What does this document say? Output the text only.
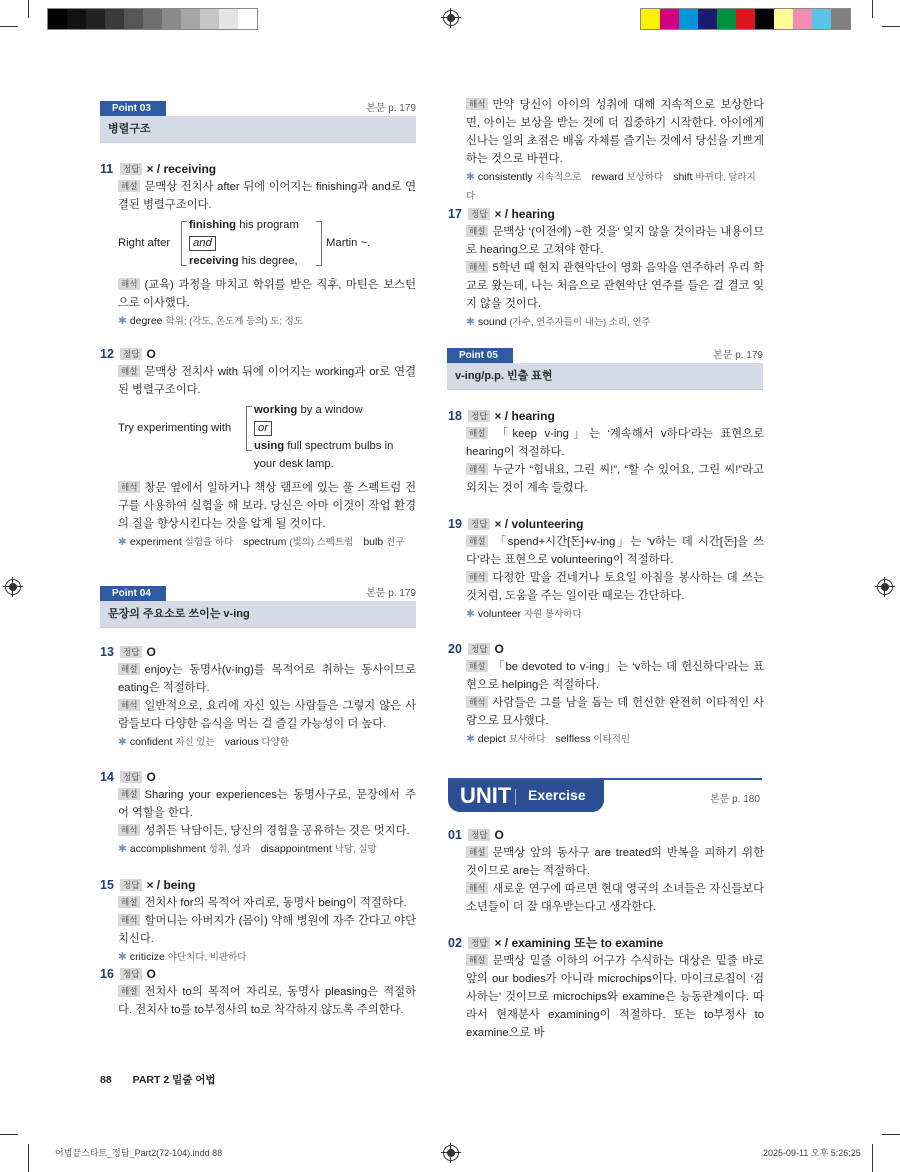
Point 03	본문 p. 179
병렬구조
Point 04	본문 p. 179
문장의 주요소로 쓰이는 v-ing
Point 05	본문 p. 179
v-ing/p.p. 빈출 표현
UNIT Exercise	본문 p. 180
11 정답 × / receiving
해설 문맥상 전치사 after 뒤에 이어지는 finishing과 and로 연결된 병렬구조이다.
Right after
finishing his program
and
receiving his degree,
Martin ~.
해석 (교육) 과정을 마치고 학위를 받은 직후, 마틴은 보스턴으로 이사했다.
✱ degree 학위; (각도, 온도계 등의) 도; 정도
12 정답 O
해설 문맥상 전치사 with 뒤에 이어지는 working과 or로 연결된 병렬구조이다.
Try experimenting with
working by a window
or
using full spectrum bulbs in
your desk lamp.
해석 창문 옆에서 일하거나 책상 램프에 있는 풀 스펙트럼 전구를 사용하여 실험을 해 보라. 당신은 아마 이것이 작업 환경의 질을 향상시킨다는 것을 알게 될 것이다.
✱ experiment 실험을 하다 spectrum (빛의) 스펙트럼 bulb 전구
13 정답 O
해설 enjoy는 동명사(v-ing)를 목적어로 취하는 동사이므로 eating은 적절하다.
해석 일반적으로, 요리에 자신 있는 사람들은 그렇지 않은 사람들보다 다양한 음식을 먹는 걸 즐길 가능성이 더 높다.
✱ confident 자신 있는 various 다양한
14 정답 O
해설 Sharing your experiences는 동명사구로, 문장에서 주어 역할을 한다.
해석 성취든 낙담이든, 당신의 경험을 공유하는 것은 멋지다.
✱ accomplishment 성취, 성과 disappointment 낙담, 실망
15 정답 × / being
해설 전치사 for의 목적어 자리로, 동명사 being이 적절하다.
해석 할머니는 아버지가 (몸이) 약해 병원에 자주 간다고 야단치신다.
✱ criticize 야단치다, 비판하다
16 정답 O
해설 전치사 to의 목적어 자리로, 동명사 pleasing은 적절하다. 전치사 to를 to부정사의 to로 착각하지 않도록 주의한다.
해석 만약 당신이 아이의 성취에 대해 지속적으로 보상한다면, 아이는 보상을 받는 것에 더 집중하기 시작한다. 아이에게 신나는 일의 초점은 배움 자체를 즐기는 것에서 당신을 기쁘게 하는 것으로 바뀐다.
✱ consistently 지속적으로 reward 보상하다 shift 바뀌다, 달라지다
17 정답 × / hearing
해설 문맥상 ‘(이전에) ~한 것을’ 잊지 않을 것이라는 내용이므로 hearing으로 고쳐야 한다.
해석 5학년 때 현지 관현악단이 영화 음악을 연주하러 우리 학교로 왔는데, 나는 처음으로 관현악단 연주를 들은 걸 결코 잊지 않을 것이다.
✱ sound (가수, 연주자들이 내는) 소리, 연주
18 정답 × / hearing
해설 「keep v-ing」는 ‘계속해서 v하다’라는 표현으로 hearing이 적절하다.
해석 누군가 “힘내요, 그린 씨!”, “할 수 있어요, 그린 씨!”라고 외치는 것이 계속 들렸다.
19 정답 × / volunteering
해설 「spend+시간[돈]+v-ing」는 ‘v하는 데 시간[돈]을 쓰다’라는 표현으로 volunteering이 적절하다.
해석 다정한 말을 건네거나 토요일 아침을 봉사하는 데 쓰는 것처럼, 도움을 주는 일이란 때로는 간단하다.
✱ volunteer 자원 봉사하다
20 정답 O
해설 「be devoted to v-ing」는 ‘v하는 데 헌신하다’라는 표현으로 helping은 적절하다.
해석 사람들은 그를 남을 돕는 데 헌신한 완전히 이타적인 사람으로 묘사했다.
✱ depict 묘사하다 selfless 이타적인
01 정답 O
해설 문맥상 앞의 동사구 are treated의 반복을 피하기 위한 것이므로 are는 적절하다.
해석 새로운 연구에 따르면 현대 영국의 소녀들은 자신들보다 소년들이 더 잘 대우받는다고 생각한다.
02 정답 × / examining 또는 to examine
해설 문맥상 밑줄 이하의 어구가 수식하는 대상은 밑줄 바로 앞의 our bodies가 아니라 microchips이다. 마이크로칩이 ‘검사하는’ 것이므로 microchips와 examine은 능동관계이다. 따라서 현재분사 examining이 적절하다. 또는 to부정사 to examine으로 바
88 PART 2 밑줄 어법
어법끝스타트_정답_Part2(72-104).indd 88	2025-09-11 오후 5:26:25
